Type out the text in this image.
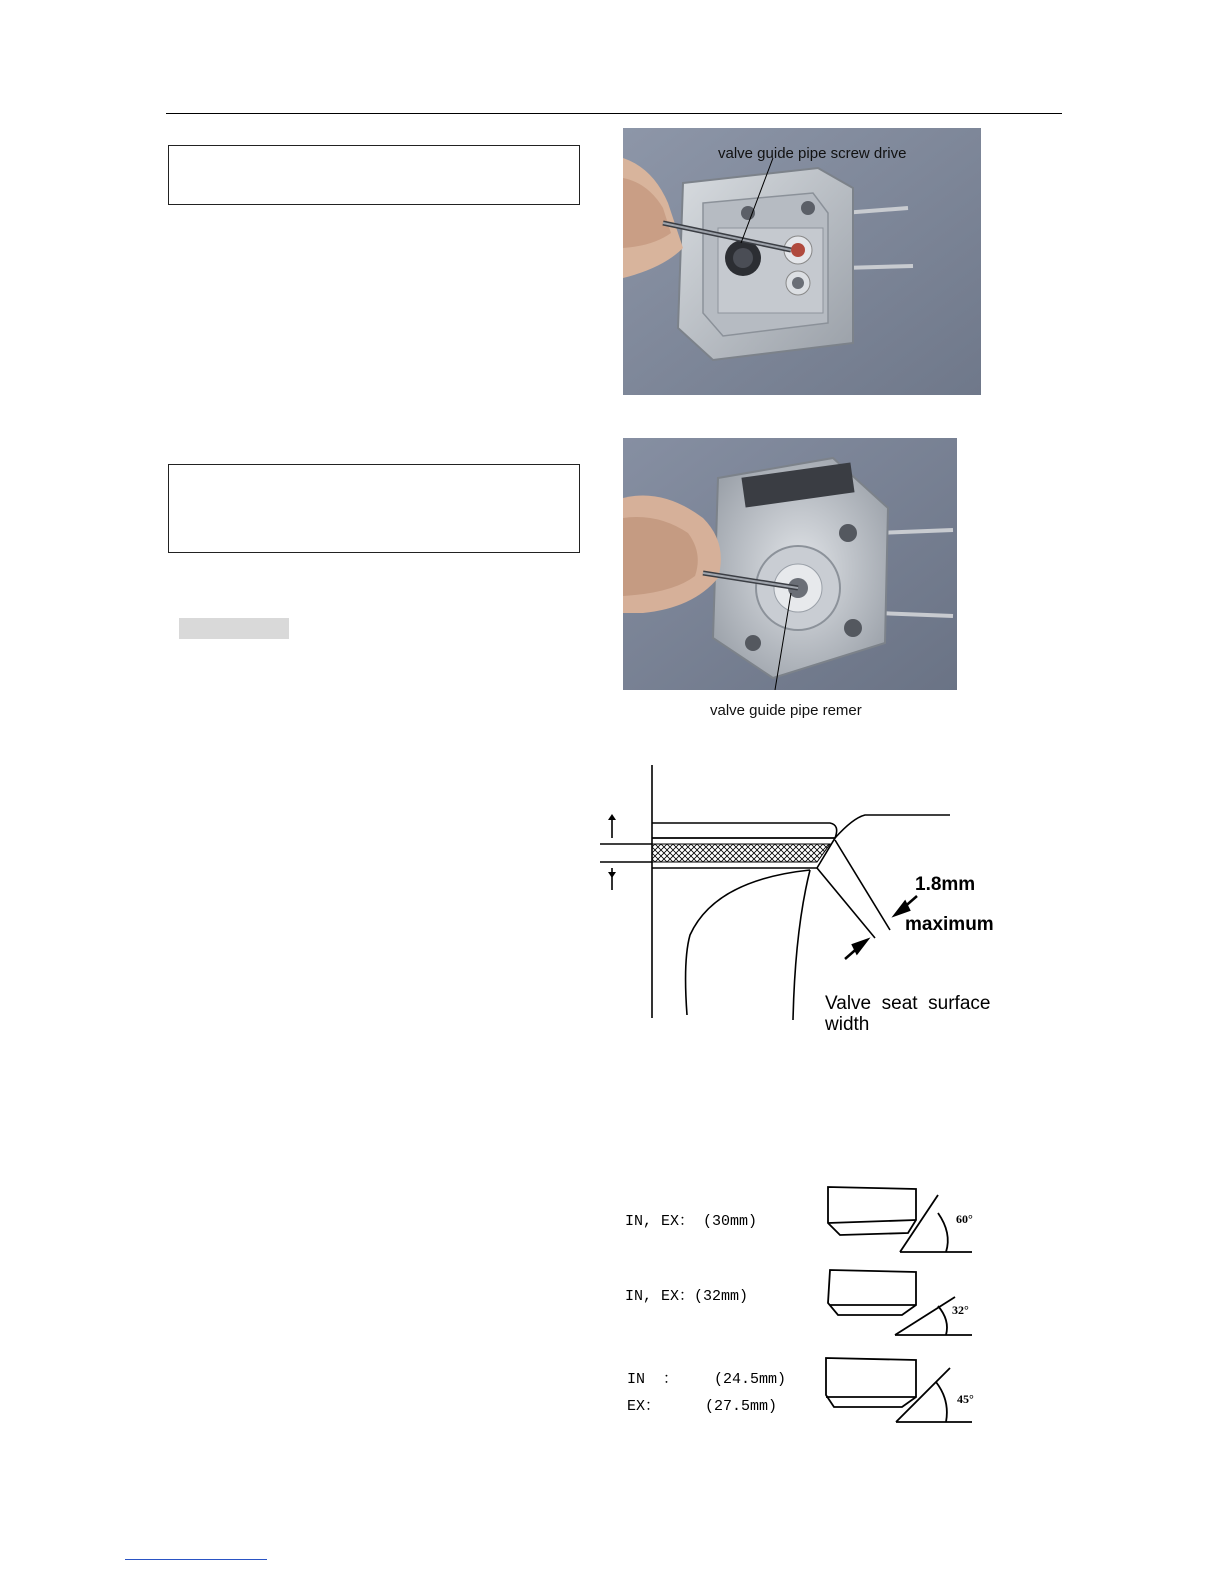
valve guide pipe screw drive
valve guide pipe remer
1.8mm
maximum
Valve  seat  surface
width
IN, EX： (30mm)
IN, EX：(32mm)
IN  ：    (24.5mm)
EX：     (27.5mm)
60°
32°
45°
